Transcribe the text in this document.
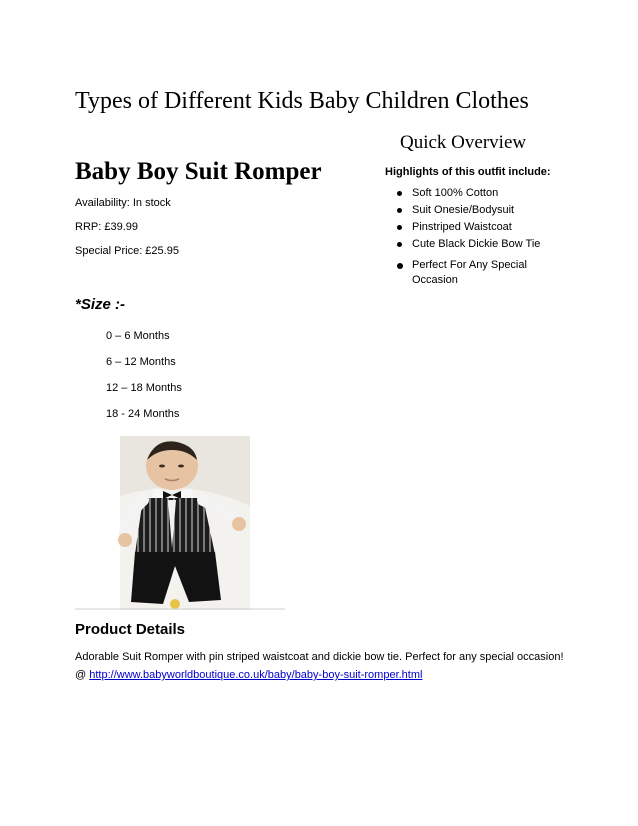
Types of Different Kids Baby Children Clothes
Quick Overview
Baby Boy Suit Romper
Availability: In stock
RRP: £39.99
Special Price: £25.95
Highlights of this outfit include:
Soft 100% Cotton
Suit Onesie/Bodysuit
Pinstriped Waistcoat
Cute Black Dickie Bow Tie
Perfect For Any Special Occasion
*Size :-
0 – 6 Months
6 – 12 Months
12 – 18 Months
18 - 24 Months
Product Details
Adorable Suit Romper with pin striped waistcoat and dickie bow tie. Perfect for any special occasion! @ http://www.babyworldboutique.co.uk/baby/baby-boy-suit-romper.html
